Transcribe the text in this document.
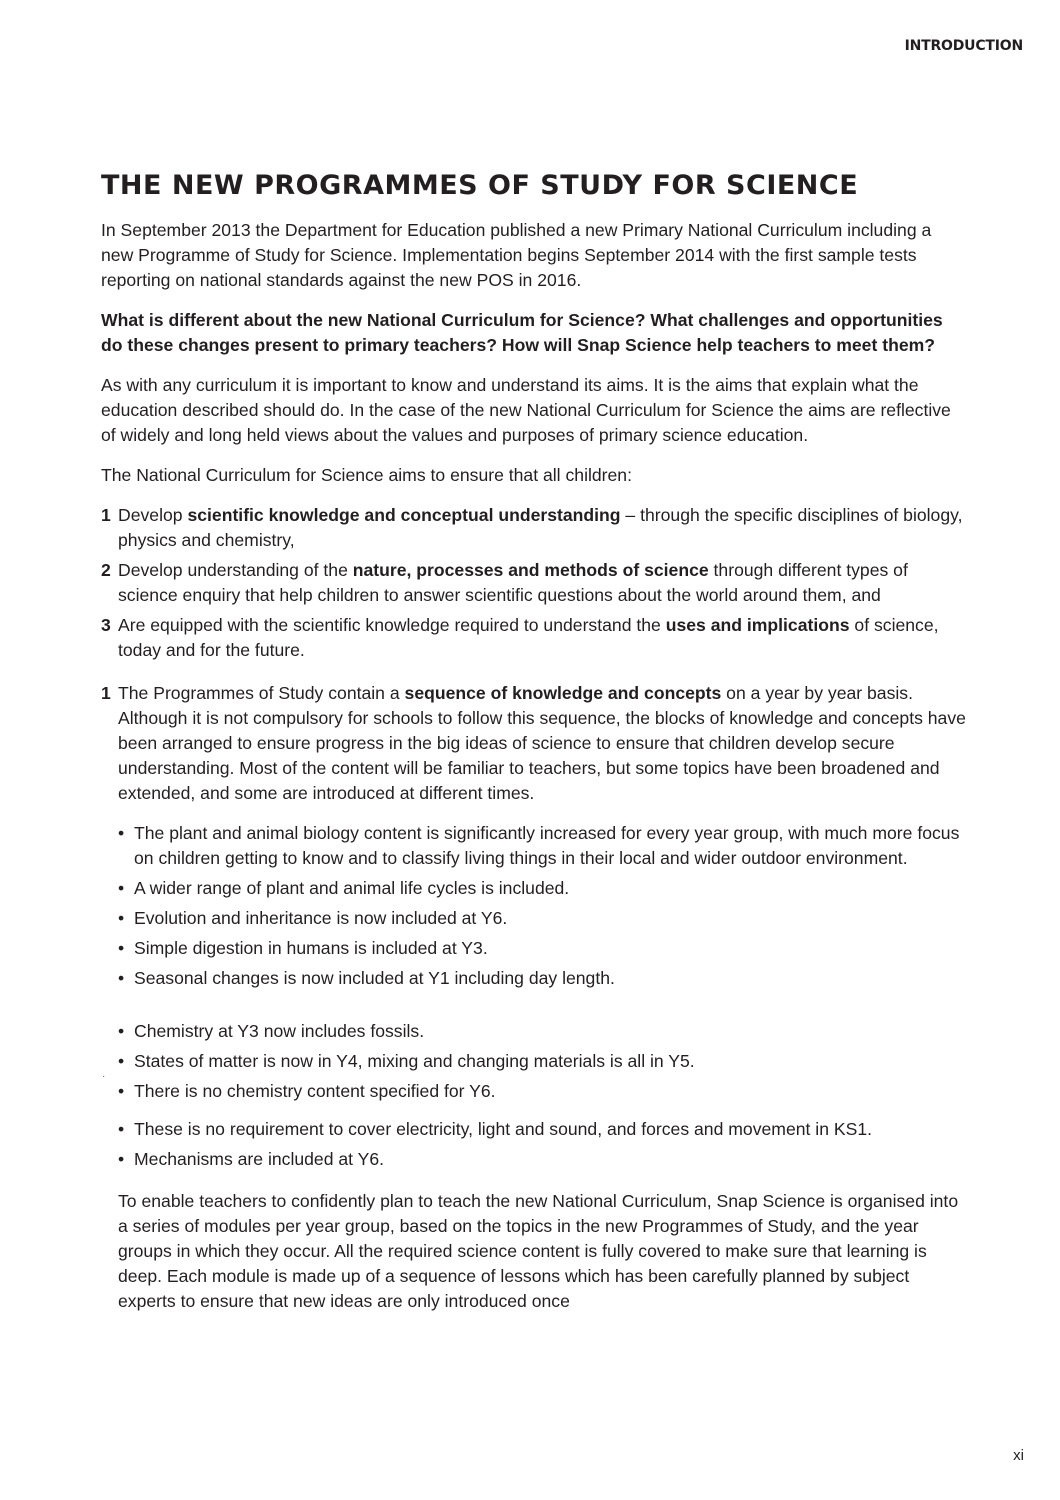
INTRODUCTION
THE NEW PROGRAMMES OF STUDY FOR SCIENCE

In September 2013 the Department for Education published a new Primary National Curriculum including a new Programme of Study for Science. Implementation begins September 2014 with the first sample tests reporting on national standards against the new POS in 2016.

What is different about the new National Curriculum for Science? What challenges and opportunities do these changes present to primary teachers? How will Snap Science help teachers to meet them?

As with any curriculum it is important to know and understand its aims. It is the aims that explain what the education described should do. In the case of the new National Curriculum for Science the aims are reflective of widely and long held views about the values and purposes of primary science education.

The National Curriculum for Science aims to ensure that all children:

1 Develop scientific knowledge and conceptual understanding – through the specific disciplines of biology, physics and chemistry,
2 Develop understanding of the nature, processes and methods of science through different types of science enquiry that help children to answer scientific questions about the world around them, and
3 Are equipped with the scientific knowledge required to understand the uses and implications of science, today and for the future.
1 The Programmes of Study contain a sequence of knowledge and concepts on a year by year basis. Although it is not compulsory for schools to follow this sequence, the blocks of knowledge and concepts have been arranged to ensure progress in the big ideas of science to ensure that children develop secure understanding. Most of the content will be familiar to teachers, but some topics have been broadened and extended, and some are introduced at different times.
• The plant and animal biology content is significantly increased for every year group, with much more focus on children getting to know and to classify living things in their local and wider outdoor environment.
• A wider range of plant and animal life cycles is included.
• Evolution and inheritance is now included at Y6.
• Simple digestion in humans is included at Y3.
• Seasonal changes is now included at Y1 including day length.
• Chemistry at Y3 now includes fossils.
• States of matter is now in Y4, mixing and changing materials is all in Y5.
• There is no chemistry content specified for Y6.
• These is no requirement to cover electricity, light and sound, and forces and movement in KS1.
• Mechanisms are included at Y6.

To enable teachers to confidently plan to teach the new National Curriculum, Snap Science is organised into a series of modules per year group, based on the topics in the new Programmes of Study, and the year groups in which they occur. All the required science content is fully covered to make sure that learning is deep. Each module is made up of a sequence of lessons which has been carefully planned by subject experts to ensure that new ideas are only introduced once

·
xi
